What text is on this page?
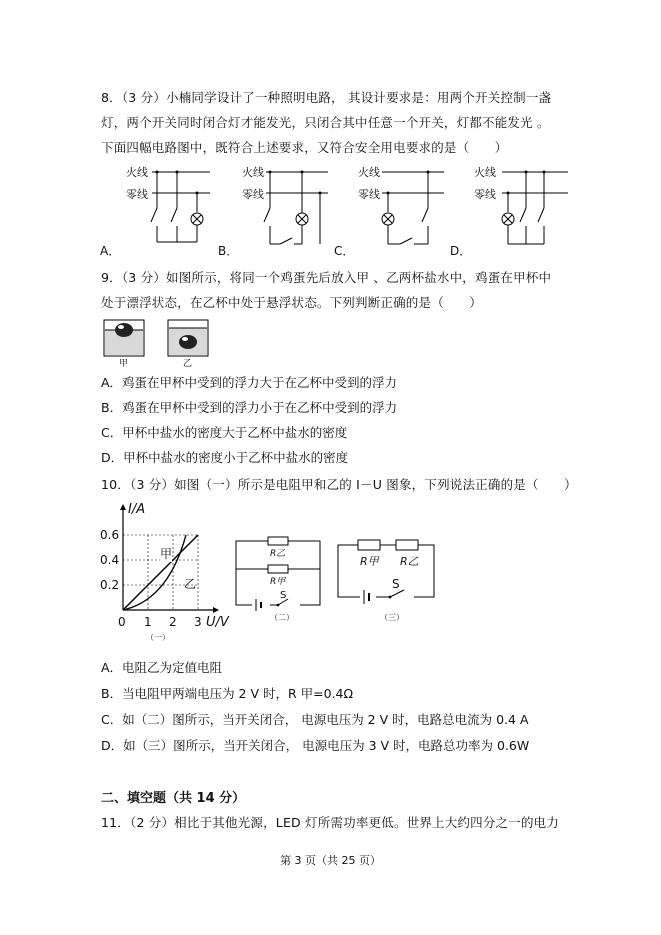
8．（3 分）小楠同学设计了一种照明电路， 其设计要求是：用两个开关控制一盏
灯，两个开关同时闭合灯才能发光，只闭合其中任意一个开关，灯都不能发光 。
下面四幅电路图中，既符合上述要求，又符合安全用电要求的是（　　）
火线
零线
A．
火线
零线
B．
火线
零线
C．
火线
零线
D．
9．（3 分）如图所示，将同一个鸡蛋先后放入甲 、乙两杯盐水中，鸡蛋在甲杯中
处于漂浮状态，在乙杯中处于悬浮状态。下列判断正确的是（　　）
甲	乙
A．鸡蛋在甲杯中受到的浮力大于在乙杯中受到的浮力
B．鸡蛋在甲杯中受到的浮力小于在乙杯中受到的浮力
C．甲杯中盐水的密度大于乙杯中盐水的密度
D．甲杯中盐水的密度小于乙杯中盐水的密度
10．（3 分）如图（一）所示是电阻甲和乙的 I－U 图象，下列说法正确的是（　　）
I/A
0.6
0.4
0.2
0 1 2 3 U/V
甲
乙
（一）
R乙
R甲
S
（二）
R甲 R乙
S
（三）
A．电阻乙为定值电阻
B．当电阻甲两端电压为 2 V 时，R 甲=0.4Ω
C．如（二）图所示，当开关闭合， 电源电压为 2 V 时，电路总电流为 0.4 A
D．如（三）图所示，当开关闭合， 电源电压为 3 V 时，电路总功率为 0.6W
二、填空题（共 14 分）
11．（2 分）相比于其他光源，LED 灯所需功率更低。世界上大约四分之一的电力
第 3 页（共 25 页）
